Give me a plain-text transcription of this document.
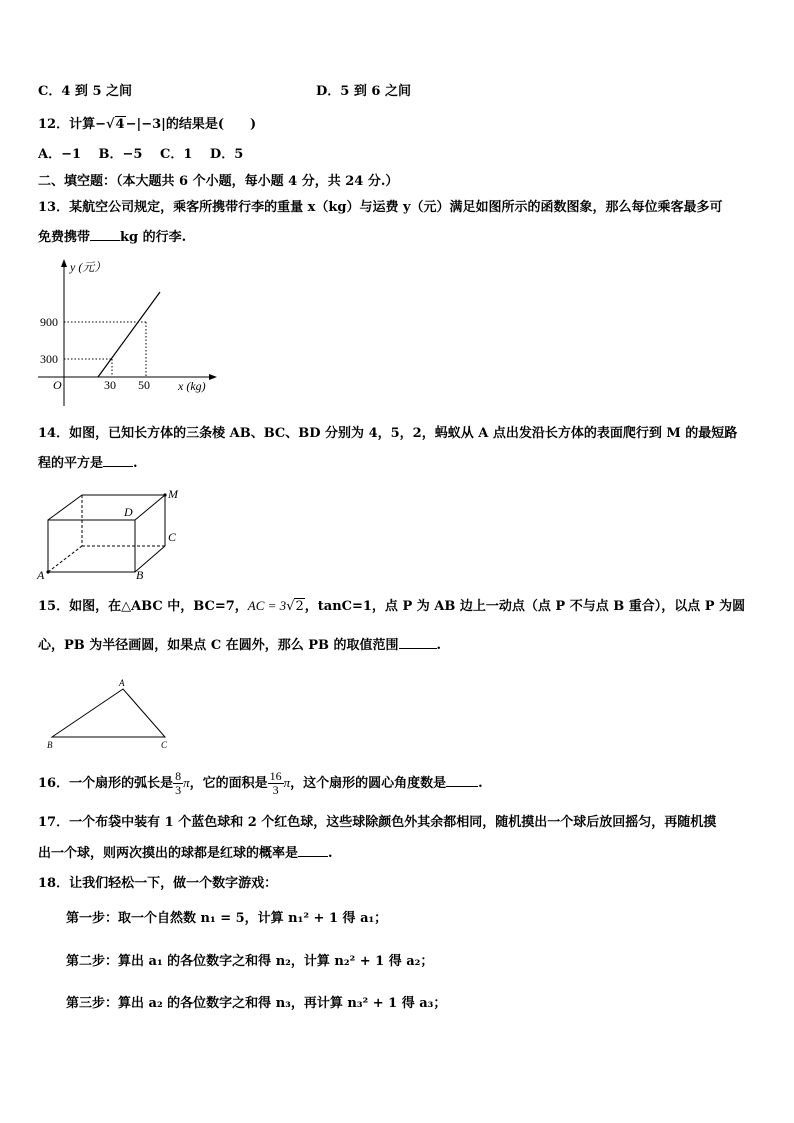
C．4 到 5 之间	D．5 到 6 之间
12．计算−√4−|−3|的结果是(　　)
A．−1　 B．−5　 C．1　 D．5
二、填空题：（本大题共 6 个小题，每小题 4 分，共 24 分.）
13．某航空公司规定，乘客所携带行李的重量 x（kg）与运费 y（元）满足如图所示的函数图象，那么每位乘客最多可
免费携带 kg 的行李.
y (元）
x (kg)
O
900
300
30 50
14．如图，已知长方体的三条棱 AB、BC、BD 分别为 4，5，2，蚂蚁从 A 点出发沿长方体的表面爬行到 M 的最短路
程的平方是 .
A	B
C
D
M
15．如图，在△ABC 中，BC=7，AC = 3√2，tanC=1，点 P 为 AB 边上一动点（点 P 不与点 B 重合），以点 P 为圆
心，PB 为半径画圆，如果点 C 在圆外，那么 PB 的取值范围	.
A
B	C
16．一个扇形的弧长是 $\frac{8}{3}$ π，它的面积是 $\frac{16}{3}$ π，这个扇形的圆心角度数是 .
17．一个布袋中装有 1 个蓝色球和 2 个红色球，这些球除颜色外其余都相同，随机摸出一个球后放回摇匀，再随机摸
出一个球，则两次摸出的球都是红球的概率是 .
18．让我们轻松一下，做一个数字游戏：
第一步：取一个自然数 n₁ = 5，计算 n₁² + 1 得 a₁；
第二步：算出 a₁ 的各位数字之和得 n₂，计算 n₂² + 1 得 a₂；
第三步：算出 a₂ 的各位数字之和得 n₃，再计算 n₃² + 1 得 a₃；
